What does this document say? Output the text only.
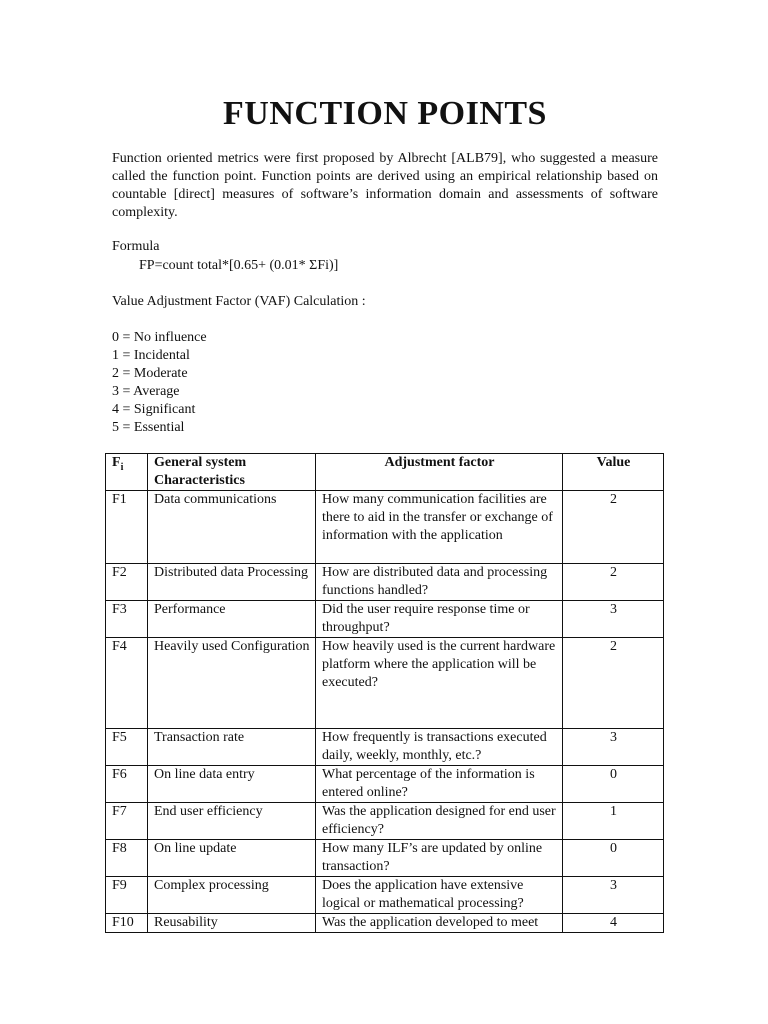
FUNCTION POINTS

Function oriented metrics were first proposed by Albrecht [ALB79], who suggested a measure called the function point. Function points are derived using an empirical relationship based on countable [direct] measures of software’s information domain and assessments of software complexity.

Formula

FP=count total*[0.65+ (0.01* ΣFi)]

Value Adjustment Factor (VAF) Calculation :

0 = No influence
1 = Incidental
2 = Moderate
3 = Average
4 = Significant
5 = Essential
$F_i$	General system Characteristics	Adjustment factor	Value
F1	Data communications	How many communication facilities are there to aid in the transfer or exchange of information with the application	2
F2	Distributed data Processing	How are distributed data and processing functions handled?	2
F3	Performance	Did the user require response time or throughput?	3
F4	Heavily used Configuration	How heavily used is the current hardware platform where the application will be executed?	2
F5	Transaction rate	How frequently is transactions executed daily, weekly, monthly, etc.?	3
F6	On line data entry	What percentage of the information is entered online?	0
F7	End user efficiency	Was the application designed for end user efficiency?	1
F8	On line update	How many ILF’s are updated by online transaction?	0
F9	Complex processing	Does the application have extensive logical or mathematical processing?	3
F10	Reusability	Was the application developed to meet	4
